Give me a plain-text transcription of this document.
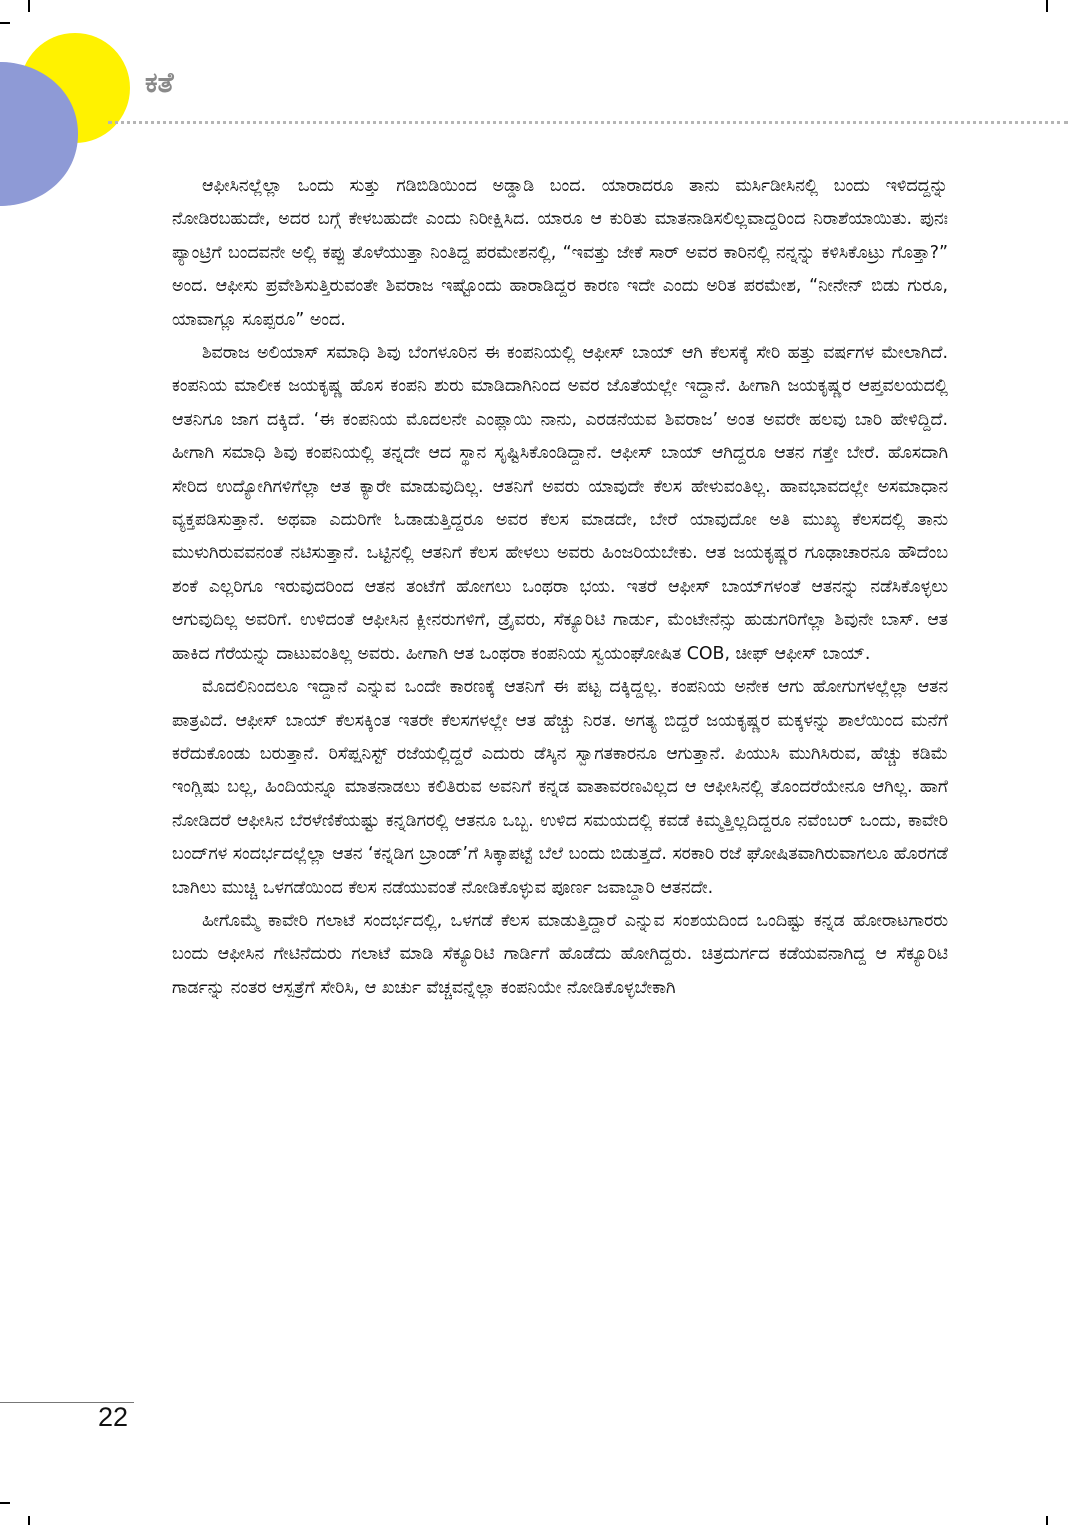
ಕತೆ

ಆಫೀಸಿನಲ್ಲೆಲ್ಲಾ ಒಂದು ಸುತ್ತು ಗಡಿಬಿಡಿಯಿಂದ ಅಡ್ಡಾಡಿ ಬಂದ. ಯಾರಾದರೂ ತಾನು ಮರ್ಸಿಡೀಸಿನಲ್ಲಿ ಬಂದು ಇಳಿದದ್ದನ್ನು ನೋಡಿರಬಹುದೇ, ಅದರ ಬಗ್ಗೆ ಕೇಳಬಹುದೇ ಎಂದು ನಿರೀಕ್ಷಿಸಿದ. ಯಾರೂ ಆ ಕುರಿತು ಮಾತನಾಡಿಸಲಿಲ್ಲವಾದ್ದರಿಂದ ನಿರಾಶೆಯಾಯಿತು. ಪುನಃ ಪ್ಯಾಂಟ್ರಿಗೆ ಬಂದವನೇ ಅಲ್ಲಿ ಕಪ್ಪು ತೊಳೆಯುತ್ತಾ ನಿಂತಿದ್ದ ಪರಮೇಶನಲ್ಲಿ, “ಇವತ್ತು ಜೇಕೆ ಸಾರ್ ಅವರ ಕಾರಿನಲ್ಲಿ ನನ್ನನ್ನು ಕಳಿಸಿಕೊಟ್ರು ಗೊತ್ತಾ?” ಅಂದ. ಆಫೀಸು ಪ್ರವೇಶಿಸುತ್ತಿರುವಂತೇ ಶಿವರಾಜ ಇಷ್ಟೊಂದು ಹಾರಾಡಿದ್ದರ ಕಾರಣ ಇದೇ ಎಂದು ಅರಿತ ಪರಮೇಶ, “ನೀನೇನ್ ಬಿಡು ಗುರೂ, ಯಾವಾಗ್ಲೂ ಸೂಪ್ಪರೂ” ಅಂದ.

ಶಿವರಾಜ ಅಲಿಯಾಸ್ ಸಮಾಧಿ ಶಿವು ಬೆಂಗಳೂರಿನ ಈ ಕಂಪನಿಯಲ್ಲಿ ಆಫೀಸ್ ಬಾಯ್ ಆಗಿ ಕೆಲಸಕ್ಕೆ ಸೇರಿ ಹತ್ತು ವರ್ಷಗಳ ಮೇಲಾಗಿದೆ. ಕಂಪನಿಯ ಮಾಲೀಕ ಜಯಕೃಷ್ಣ ಹೊಸ ಕಂಪನಿ ಶುರು ಮಾಡಿದಾಗಿನಿಂದ ಅವರ ಜೊತೆಯಲ್ಲೇ ಇದ್ದಾನೆ. ಹೀಗಾಗಿ ಜಯಕೃಷ್ಣರ ಆಪ್ತವಲಯದಲ್ಲಿ ಆತನಿಗೂ ಜಾಗ ದಕ್ಕಿದೆ. ‘ಈ ಕಂಪನಿಯ ಮೊದಲನೇ ಎಂಪ್ಲಾಯಿ ನಾನು, ಎರಡನೆಯವ ಶಿವರಾಜ’ ಅಂತ ಅವರೇ ಹಲವು ಬಾರಿ ಹೇಳಿದ್ದಿದೆ. ಹೀಗಾಗಿ ಸಮಾಧಿ ಶಿವು ಕಂಪನಿಯಲ್ಲಿ ತನ್ನದೇ ಆದ ಸ್ಥಾನ ಸೃಷ್ಟಿಸಿಕೊಂಡಿದ್ದಾನೆ. ಆಫೀಸ್ ಬಾಯ್ ಆಗಿದ್ದರೂ ಆತನ ಗತ್ತೇ ಬೇರೆ. ಹೊಸದಾಗಿ ಸೇರಿದ ಉದ್ಯೋಗಿಗಳಿಗೆಲ್ಲಾ ಆತ ಕ್ಯಾರೇ ಮಾಡುವುದಿಲ್ಲ. ಆತನಿಗೆ ಅವರು ಯಾವುದೇ ಕೆಲಸ ಹೇಳುವಂತಿಲ್ಲ. ಹಾವಭಾವದಲ್ಲೇ ಅಸಮಾಧಾನ ವ್ಯಕ್ತಪಡಿಸುತ್ತಾನೆ. ಅಥವಾ ಎದುರಿಗೇ ಓಡಾಡುತ್ತಿದ್ದರೂ ಅವರ ಕೆಲಸ ಮಾಡದೇ, ಬೇರೆ ಯಾವುದೋ ಅತಿ ಮುಖ್ಯ ಕೆಲಸದಲ್ಲಿ ತಾನು ಮುಳುಗಿರುವವನಂತೆ ನಟಿಸುತ್ತಾನೆ. ಒಟ್ಟಿನಲ್ಲಿ ಆತನಿಗೆ ಕೆಲಸ ಹೇಳಲು ಅವರು ಹಿಂಜರಿಯಬೇಕು. ಆತ ಜಯಕೃಷ್ಣರ ಗೂಢಾಚಾರನೂ ಹೌದೆಂಬ ಶಂಕೆ ಎಲ್ಲರಿಗೂ ಇರುವುದರಿಂದ ಆತನ ತಂಟೆಗೆ ಹೋಗಲು ಒಂಥರಾ ಭಯ. ಇತರೆ ಆಫೀಸ್ ಬಾಯ್‌ಗಳಂತೆ ಆತನನ್ನು ನಡೆಸಿಕೊಳ್ಳಲು ಆಗುವುದಿಲ್ಲ ಅವರಿಗೆ. ಉಳಿದಂತೆ ಆಫೀಸಿನ ಕ್ಲೀನರುಗಳಿಗೆ, ಡ್ರೈವರು, ಸೆಕ್ಯೂರಿಟಿ ಗಾರ್ಡು, ಮೆಂಟೇನೆನ್ಸು ಹುಡುಗರಿಗೆಲ್ಲಾ ಶಿವುನೇ ಬಾಸ್. ಆತ ಹಾಕಿದ ಗೆರೆಯನ್ನು ದಾಟುವಂತಿಲ್ಲ ಅವರು. ಹೀಗಾಗಿ ಆತ ಒಂಥರಾ ಕಂಪನಿಯ ಸ್ವಯಂಘೋಷಿತ COB, ಚೀಫ್ ಆಫೀಸ್ ಬಾಯ್.

ಮೊದಲಿನಿಂದಲೂ ಇದ್ದಾನೆ ಎನ್ನುವ ಒಂದೇ ಕಾರಣಕ್ಕೆ ಆತನಿಗೆ ಈ ಪಟ್ಟ ದಕ್ಕಿದ್ದಲ್ಲ. ಕಂಪನಿಯ ಅನೇಕ ಆಗು ಹೋಗುಗಳಲ್ಲೆಲ್ಲಾ ಆತನ ಪಾತ್ರವಿದೆ. ಆಫೀಸ್ ಬಾಯ್ ಕೆಲಸಕ್ಕಿಂತ ಇತರೇ ಕೆಲಸಗಳಲ್ಲೇ ಆತ ಹೆಚ್ಚು ನಿರತ. ಅಗತ್ಯ ಬಿದ್ದರೆ ಜಯಕೃಷ್ಣರ ಮಕ್ಕಳನ್ನು ಶಾಲೆಯಿಂದ ಮನೆಗೆ ಕರೆದುಕೊಂಡು ಬರುತ್ತಾನೆ. ರಿಸೆಪ್ಷನಿಸ್ಟ್ ರಜೆಯಲ್ಲಿದ್ದರೆ ಎದುರು ಡೆಸ್ಕಿನ ಸ್ವಾಗತಕಾರನೂ ಆಗುತ್ತಾನೆ. ಪಿಯುಸಿ ಮುಗಿಸಿರುವ, ಹೆಚ್ಚು ಕಡಿಮೆ ಇಂಗ್ಲಿಷು ಬಲ್ಲ, ಹಿಂದಿಯನ್ನೂ ಮಾತನಾಡಲು ಕಲಿತಿರುವ ಅವನಿಗೆ ಕನ್ನಡ ವಾತಾವರಣವಿಲ್ಲದ ಆ ಆಫೀಸಿನಲ್ಲಿ ತೊಂದರೆಯೇನೂ ಆಗಿಲ್ಲ. ಹಾಗೆ ನೋಡಿದರೆ ಆಫೀಸಿನ ಬೆರಳೆಣಿಕೆಯಷ್ಟು ಕನ್ನಡಿಗರಲ್ಲಿ ಆತನೂ ಒಬ್ಬ. ಉಳಿದ ಸಮಯದಲ್ಲಿ ಕವಡೆ ಕಿಮ್ಮತ್ತಿಲ್ಲದಿದ್ದರೂ ನವೆಂಬರ್ ಒಂದು, ಕಾವೇರಿ ಬಂದ್‌ಗಳ ಸಂದರ್ಭದಲ್ಲೆಲ್ಲಾ ಆತನ ‘ಕನ್ನಡಿಗ ಬ್ರಾಂಡ್’ಗೆ ಸಿಕ್ಕಾಪಟ್ಟೆ ಬೆಲೆ ಬಂದು ಬಿಡುತ್ತದೆ. ಸರಕಾರಿ ರಜೆ ಘೋಷಿತವಾಗಿರುವಾಗಲೂ ಹೊರಗಡೆ ಬಾಗಿಲು ಮುಚ್ಚಿ ಒಳಗಡೆಯಿಂದ ಕೆಲಸ ನಡೆಯುವಂತೆ ನೋಡಿಕೊಳ್ಳುವ ಪೂರ್ಣ ಜವಾಬ್ದಾರಿ ಆತನದೇ.

ಹೀಗೊಮ್ಮೆ ಕಾವೇರಿ ಗಲಾಟೆ ಸಂದರ್ಭದಲ್ಲಿ, ಒಳಗಡೆ ಕೆಲಸ ಮಾಡುತ್ತಿದ್ದಾರೆ ಎನ್ನುವ ಸಂಶಯದಿಂದ ಒಂದಿಷ್ಟು ಕನ್ನಡ ಹೋರಾಟಗಾರರು ಬಂದು ಆಫೀಸಿನ ಗೇಟಿನೆದುರು ಗಲಾಟೆ ಮಾಡಿ ಸೆಕ್ಯೂರಿಟಿ ಗಾರ್ಡಿಗೆ ಹೊಡೆದು ಹೋಗಿದ್ದರು. ಚಿತ್ರದುರ್ಗದ ಕಡೆಯವನಾಗಿದ್ದ ಆ ಸೆಕ್ಯೂರಿಟಿ ಗಾರ್ಡನ್ನು ನಂತರ ಆಸ್ಪತ್ರೆಗೆ ಸೇರಿಸಿ, ಆ ಖರ್ಚು ವೆಚ್ಚವನ್ನೆಲ್ಲಾ ಕಂಪನಿಯೇ ನೋಡಿಕೊಳ್ಳಬೇಕಾಗಿ

22
